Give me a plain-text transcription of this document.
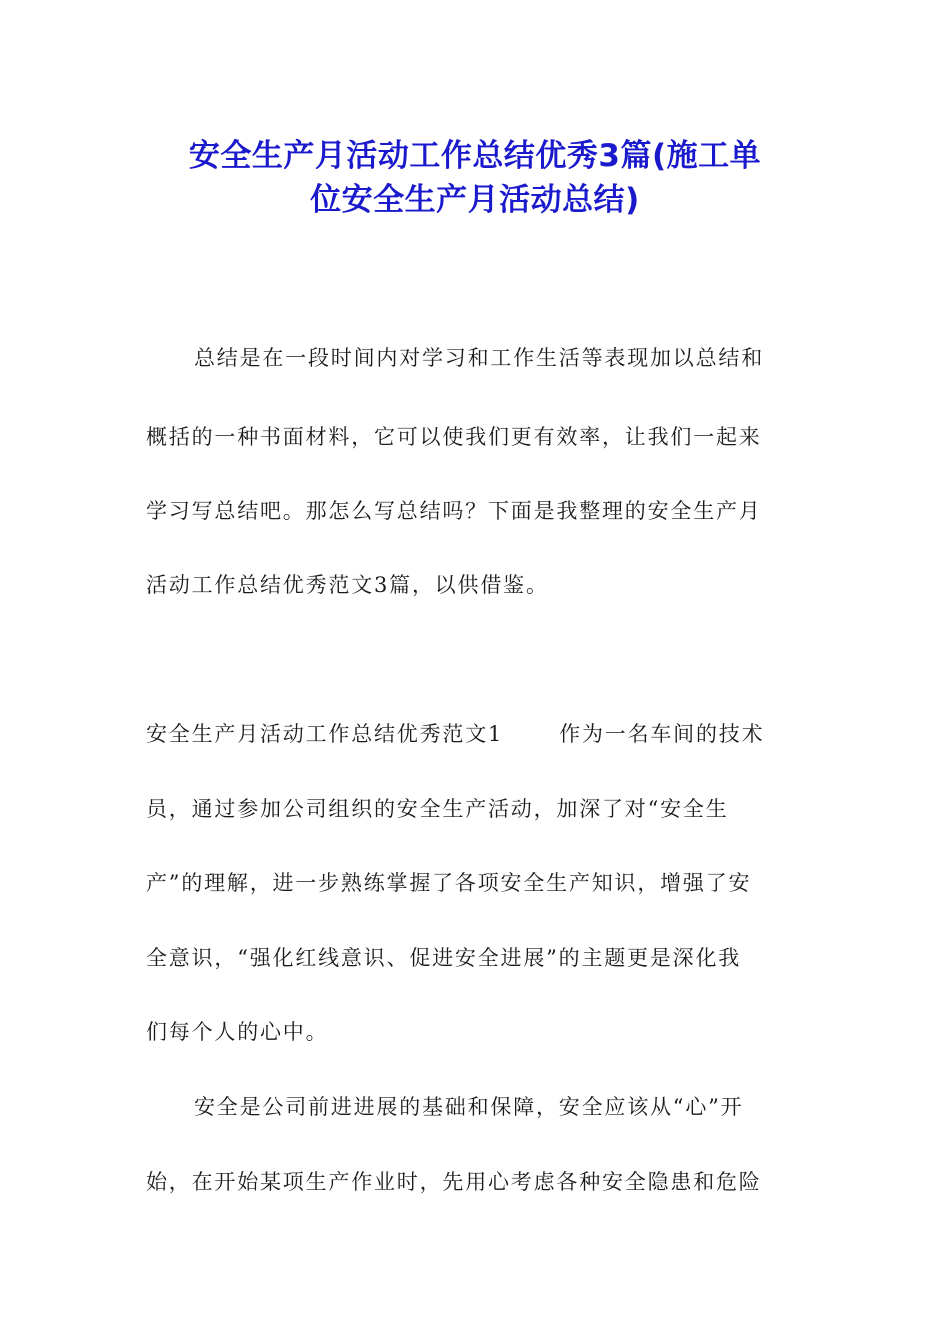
安全生产月活动工作总结优秀3篇(施工单
位安全生产月活动总结)
总结是在一段时间内对学习和工作生活等表现加以总结和
概括的一种书面材料，它可以使我们更有效率，让我们一起来
学习写总结吧。那怎么写总结吗？下面是我整理的安全生产月
活动工作总结优秀范文3篇，以供借鉴。
安全生产月活动工作总结优秀范文1	作为一名车间的技术
员，通过参加公司组织的安全生产活动，加深了对“安全生
产”的理解，进一步熟练掌握了各项安全生产知识，增强了安
全意识，“强化红线意识、促进安全进展”的主题更是深化我
们每个人的心中。
安全是公司前进进展的基础和保障，安全应该从“心”开
始，在开始某项生产作业时，先用心考虑各种安全隐患和危险
